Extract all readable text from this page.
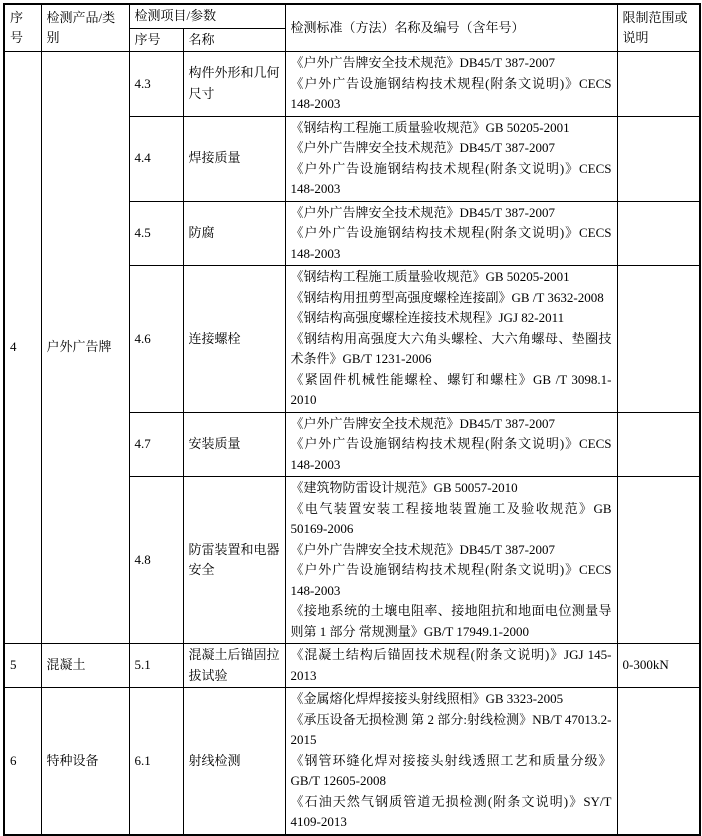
序号	检测产品/类别	检测项目/参数		检测标准（方法）名称及编号（含年号）	限制范围或说明
		序号	名称		
4	户外广告牌	4.3	构件外形和几何尺寸	《户外广告牌安全技术规范》DB45/T 387-2007
《户外广告设施钢结构技术规程(附条文说明)》CECS 148-2003	

		4.4	焊接质量	《钢结构工程施工质量验收规范》GB 50205-2001
《户外广告牌安全技术规范》DB45/T 387-2007
《户外广告设施钢结构技术规程(附条文说明)》CECS 148-2003	

		4.5	防腐	《户外广告牌安全技术规范》DB45/T 387-2007
《户外广告设施钢结构技术规程(附条文说明)》CECS 148-2003	

		4.6	连接螺栓	《钢结构工程施工质量验收规范》GB 50205-2001
《钢结构用扭剪型高强度螺栓连接副》GB /T 3632-2008
《钢结构高强度螺栓连接技术规程》JGJ 82-2011
《钢结构用高强度大六角头螺栓、大六角螺母、垫圈技术条件》GB/T 1231-2006
《紧固件机械性能螺栓、螺钉和螺柱》GB /T 3098.1-2010	

		4.7	安装质量	《户外广告牌安全技术规范》DB45/T 387-2007
《户外广告设施钢结构技术规程(附条文说明)》CECS 148-2003	

		4.8	防雷装置和电器安全	《建筑物防雷设计规范》GB 50057-2010
《电气装置安装工程接地装置施工及验收规范》GB 50169-2006
《户外广告牌安全技术规范》DB45/T 387-2007
《户外广告设施钢结构技术规程(附条文说明)》CECS 148-2003
《接地系统的土壤电阻率、接地阻抗和地面电位测量导则第 1 部分 常规测量》GB/T 17949.1-2000	

5	混凝土	5.1	混凝土后锚固拉拔试验	《混凝土结构后锚固技术规程(附条文说明)》JGJ 145-2013	0-300kN
6	特种设备	6.1	射线检测	《金属熔化焊焊接接头射线照相》GB 3323-2005
《承压设备无损检测 第 2 部分:射线检测》NB/T 47013.2-2015
《钢管环缝化焊对接接头射线透照工艺和质量分级》GB/T 12605-2008
《石油天然气钢质管道无损检测(附条文说明)》SY/T 4109-2013	
